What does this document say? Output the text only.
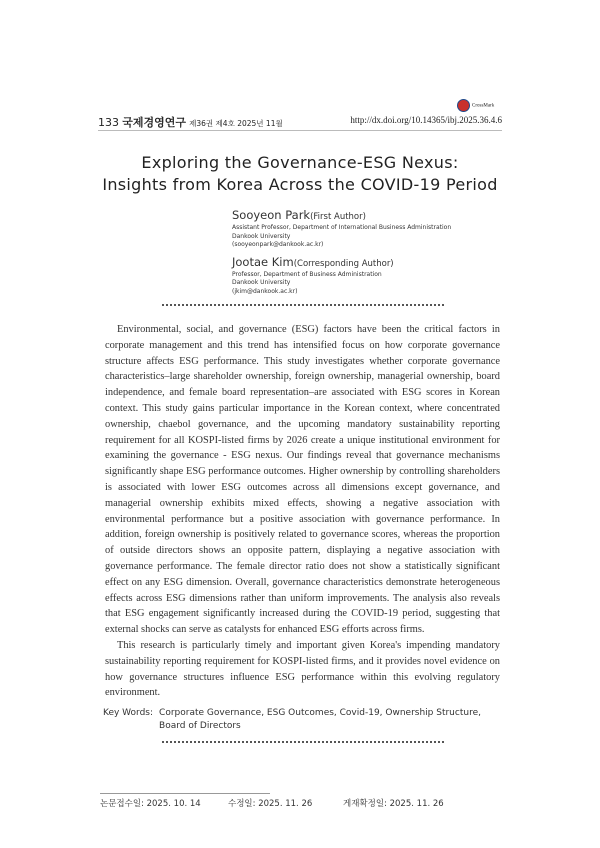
CrossMark
133 국제경영연구 제36권 제4호 2025년 11월	http://dx.doi.org/10.14365/ibj.2025.36.4.6
Exploring the Governance-ESG Nexus:
Insights from Korea Across the COVID-19 Period
Sooyeon Park(First Author)
Assistant Professor, Department of International Business Administration
Dankook University
(sooyeonpark@dankook.ac.kr)
Jootae Kim(Corresponding Author)
Professor, Department of Business Administration
Dankook University
(jkim@dankook.ac.kr)

Environmental, social, and governance (ESG) factors have been the critical factors in corporate management and this trend has intensified focus on how corporate governance structure affects ESG performance. This study investigates whether corporate governance characteristics–large shareholder ownership, foreign ownership, managerial ownership, board independence, and female board representation–are associated with ESG scores in Korean context. This study gains particular importance in the Korean context, where concentrated ownership, chaebol governance, and the upcoming mandatory sustainability reporting requirement for all KOSPI-listed firms by 2026 create a unique institutional environment for examining the governance - ESG nexus. Our findings reveal that governance mechanisms significantly shape ESG performance outcomes. Higher ownership by controlling shareholders is associated with lower ESG outcomes across all dimensions except governance, and managerial ownership exhibits mixed effects, showing a negative association with environmental performance but a positive association with governance performance. In addition, foreign ownership is positively related to governance scores, whereas the proportion of outside directors shows an opposite pattern, displaying a negative association with governance performance. The female director ratio does not show a statistically significant effect on any ESG dimension. Overall, governance characteristics demonstrate heterogeneous effects across ESG dimensions rather than uniform improvements. The analysis also reveals that ESG engagement significantly increased during the COVID-19 period, suggesting that external shocks can serve as catalysts for enhanced ESG efforts across firms.

This research is particularly timely and important given Korea's impending mandatory sustainability reporting requirement for KOSPI-listed firms, and it provides novel evidence on how governance structures influence ESG performance within this evolving regulatory environment.

Key Words: Corporate Governance, ESG Outcomes, Covid-19, Ownership Structure, Board of Directors
논문접수일: 2025. 10. 14	수정일: 2025. 11. 26	게재확정일: 2025. 11. 26
